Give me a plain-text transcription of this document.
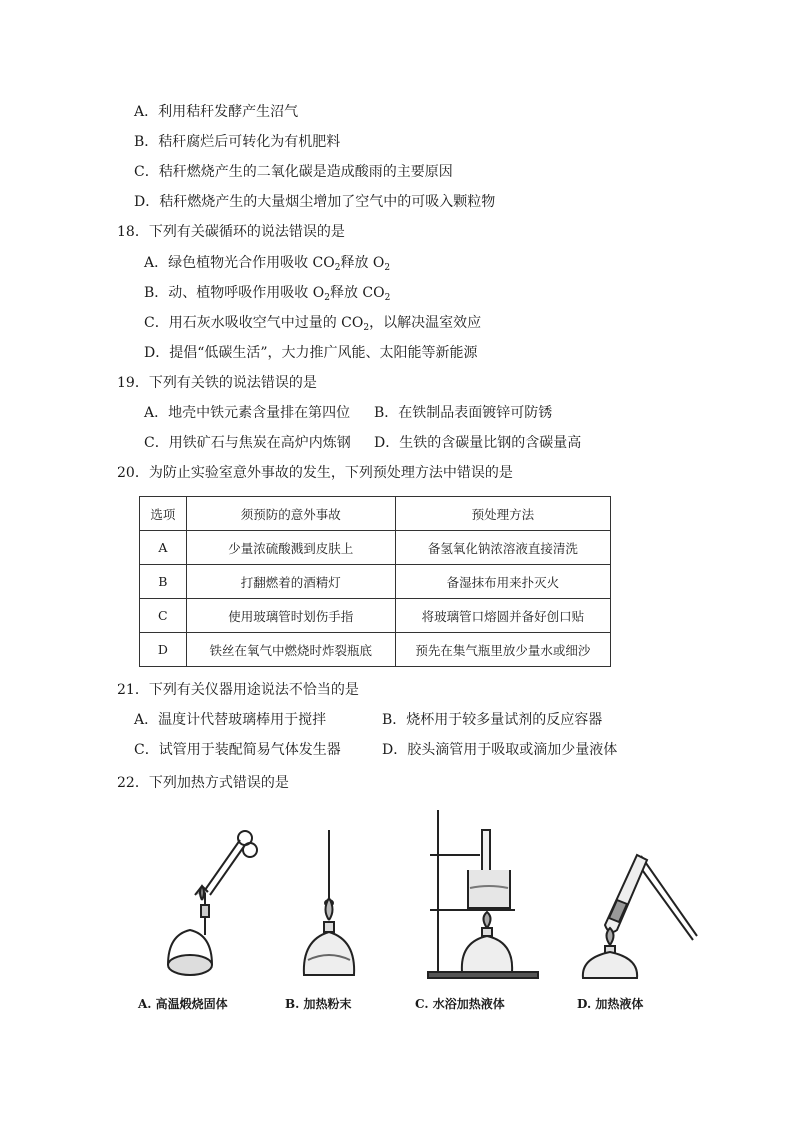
A．利用秸秆发酵产生沼气
B．秸秆腐烂后可转化为有机肥料
C．秸秆燃烧产生的二氧化碳是造成酸雨的主要原因
D．秸秆燃烧产生的大量烟尘增加了空气中的可吸入颗粒物
18．下列有关碳循环的说法错误的是
A．绿色植物光合作用吸收 $CO_2$释放 $O_2$
B．动、植物呼吸作用吸收 $O_2$释放 $CO_2$
C．用石灰水吸收空气中过量的 $CO_2$，以解决温室效应
D．提倡“低碳生活”，大力推广风能、太阳能等新能源
19．下列有关铁的说法错误的是
A．地壳中铁元素含量排在第四位 B．在铁制品表面镀锌可防锈
C．用铁矿石与焦炭在高炉内炼钢 D．生铁的含碳量比钢的含碳量高
20．为防止实验室意外事故的发生，下列预处理方法中错误的是
选项	须预防的意外事故	预处理方法
A	少量浓硫酸溅到皮肤上	备氢氧化钠浓溶液直接清洗
B	打翻燃着的酒精灯	备湿抹布用来扑灭火
C	使用玻璃管时划伤手指	将玻璃管口熔圆并备好创口贴
D	铁丝在氧气中燃烧时炸裂瓶底	预先在集气瓶里放少量水或细沙
21．下列有关仪器用途说法不恰当的是
A．温度计代替玻璃棒用于搅拌	B．烧杯用于较多量试剂的反应容器
C．试管用于装配简易气体发生器	D．胶头滴管用于吸取或滴加少量液体
22．下列加热方式错误的是
A. 高温煅烧固体	B. 加热粉末	C. 水浴加热液体	D. 加热液体
